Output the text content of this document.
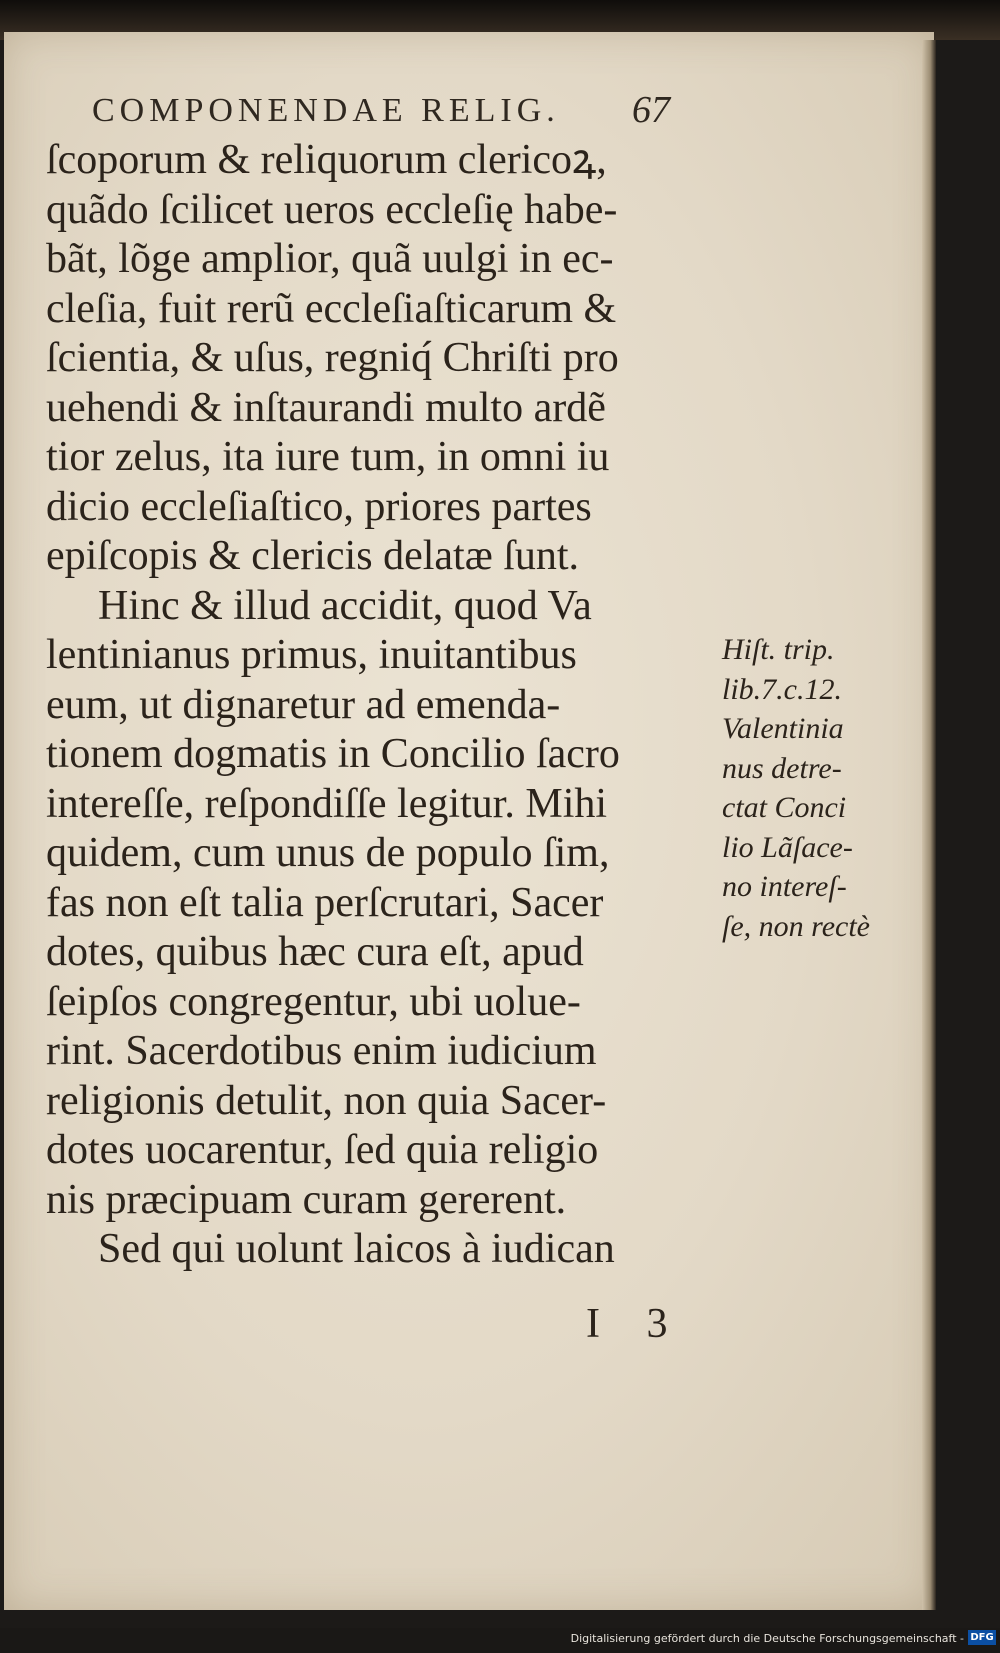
COMPONENDAE RELIG. 67
ſcoporum & reliquorum clericoꝝ,
quãdo ſcilicet ueros eccleſię habe-
bãt, lõge amplior, quã uulgi in ec-
cleſia, fuit rerũ eccleſiaſticarum &
ſcientia, & uſus, regniq́ Chriſti pro
uehendi & inſtaurandi multo ardẽ
tior zelus, ita iure tum, in omni iu
dicio eccleſiaſtico, priores partes
epiſcopis & clericis delatæ ſunt.
Hinc & illud accidit, quod Va
lentinianus primus, inuitantibus
eum, ut dignaretur ad emenda-
tionem dogmatis in Concilio ſacro
intereſſe, reſpondiſſe legitur. Mihi
quidem, cum unus de populo ſim,
fas non eſt talia perſcrutari, Sacer
dotes, quibus hæc cura eſt, apud
ſeipſos congregentur, ubi uolue-
rint. Sacerdotibus enim iudicium
religionis detulit, non quia Sacer-
dotes uocarentur, ſed quia religio
nis præcipuam curam gererent.
Sed qui uolunt laicos à iudican
Hiſt. trip.
lib.7.c.12.
Valentinia
nus detre-
ctat Conci
lio Lãſace-
no intereſ-
ſe, non rectè
I 3
Digitalisierung gefördert durch die Deutsche Forschungsgemeinschaft - DFG
